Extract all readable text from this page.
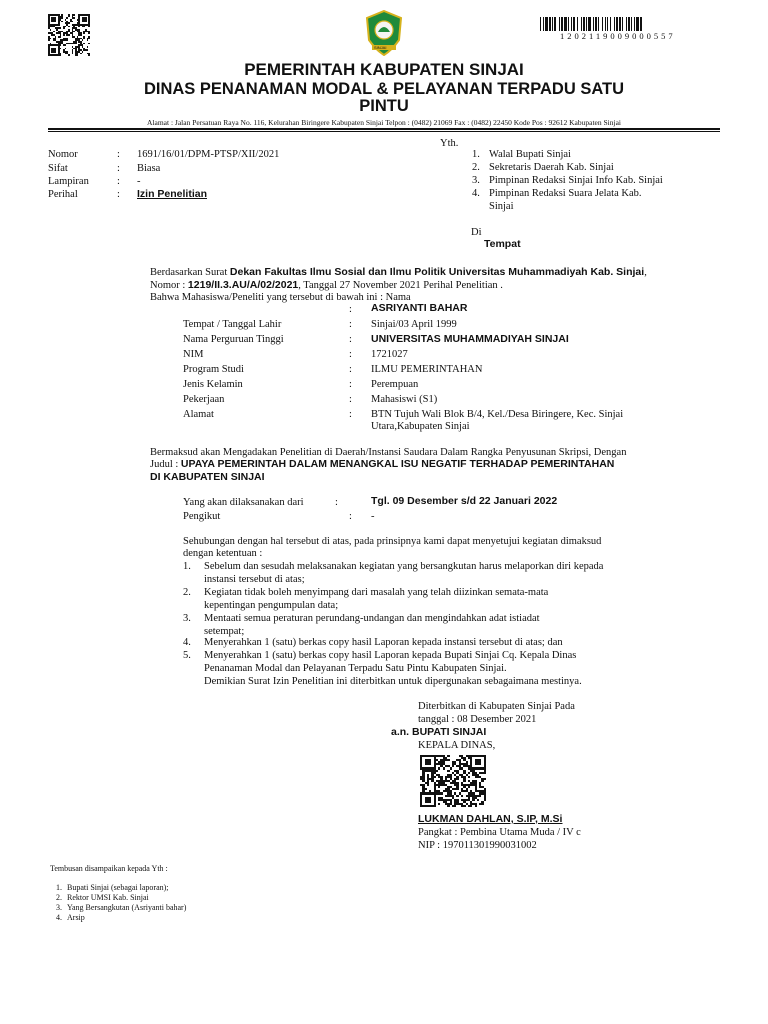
SINJAI
1202119009000557
PEMERINTAH KABUPATEN SINJAI
DINAS PENANAMAN MODAL & PELAYANAN TERPADU SATU
PINTU
Alamat : Jalan Persatuan Raya No. 116, Kelurahan Biringere Kabupaten Sinjai Telpon : (0482) 21069 Fax : (0482) 22450 Kode Pos : 92612 Kabupaten Sinjai
Nomor	: 1691/16/01/DPM-PTSP/XII/2021
Sifat	: Biasa
Lampiran	: -
Perihal	: Izin Penelitian
Yth.
1. Walal Bupati Sinjai
2. Sekretaris Daerah Kab. Sinjai
3. Pimpinan Redaksi Sinjai Info Kab. Sinjai
4. Pimpinan Redaksi Suara Jelata Kab.
Sinjai
Di
Tempat
Berdasarkan Surat Dekan Fakultas Ilmu Sosial dan Ilmu Politik Universitas Muhammadiyah Kab. Sinjai,
Nomor : 1219/II.3.AU/A/02/2021, Tanggal 27 November 2021 Perihal Penelitian .
Bahwa Mahasiswa/Peneliti yang tersebut di bawah ini : Nama
: ASRIYANTI BAHAR
Tempat / Tanggal Lahir	: Sinjai/03 April 1999
Nama Perguruan Tinggi	: UNIVERSITAS MUHAMMADIYAH SINJAI
NIM	: 1721027
Program Studi	: ILMU PEMERINTAHAN
Jenis Kelamin	: Perempuan
Pekerjaan	: Mahasiswi (S1)
Alamat	: BTN Tujuh Wali Blok B/4, Kel./Desa Biringere, Kec. Sinjai
Utara,Kabupaten Sinjai
Bermaksud akan Mengadakan Penelitian di Daerah/Instansi Saudara Dalam Rangka Penyusunan Skripsi, Dengan
Judul : UPAYA PEMERINTAH DALAM MENANGKAL ISU NEGATIF TERHADAP PEMERINTAHAN
DI KABUPATEN SINJAI
Yang akan dilaksanakan dari	:	Tgl. 09 Desember s/d 22 Januari 2022
Pengikut	: -
Sehubungan dengan hal tersebut di atas, pada prinsipnya kami dapat menyetujui kegiatan dimaksud
dengan ketentuan :
1. Sebelum dan sesudah melaksanakan kegiatan yang bersangkutan harus melaporkan diri kepada
instansi tersebut di atas;
2. Kegiatan tidak boleh menyimpang dari masalah yang telah diizinkan semata-mata
kepentingan pengumpulan data;
3. Mentaati semua peraturan perundang-undangan dan mengindahkan adat istiadat
setempat;
4. Menyerahkan 1 (satu) berkas copy hasil Laporan kepada instansi tersebut di atas; dan
5. Menyerahkan 1 (satu) berkas copy hasil Laporan kepada Bupati Sinjai Cq. Kepala Dinas
Penanaman Modal dan Pelayanan Terpadu Satu Pintu Kabupaten Sinjai.
Demikian Surat Izin Penelitian ini diterbitkan untuk dipergunakan sebagaimana mestinya.
Diterbitkan di Kabupaten Sinjai Pada
tanggal : 08 Desember 2021
a.n. BUPATI SINJAI
KEPALA DINAS,
LUKMAN DAHLAN, S.IP, M.Si
Pangkat : Pembina Utama Muda / IV c
NIP : 197011301990031002
Tembusan disampaikan kepada Yth :
1. Bupati Sinjai (sebagai laporan);
2. Rektor UMSI Kab. Sinjai
3. Yang Bersangkutan (Asriyanti bahar)
4. Arsip
